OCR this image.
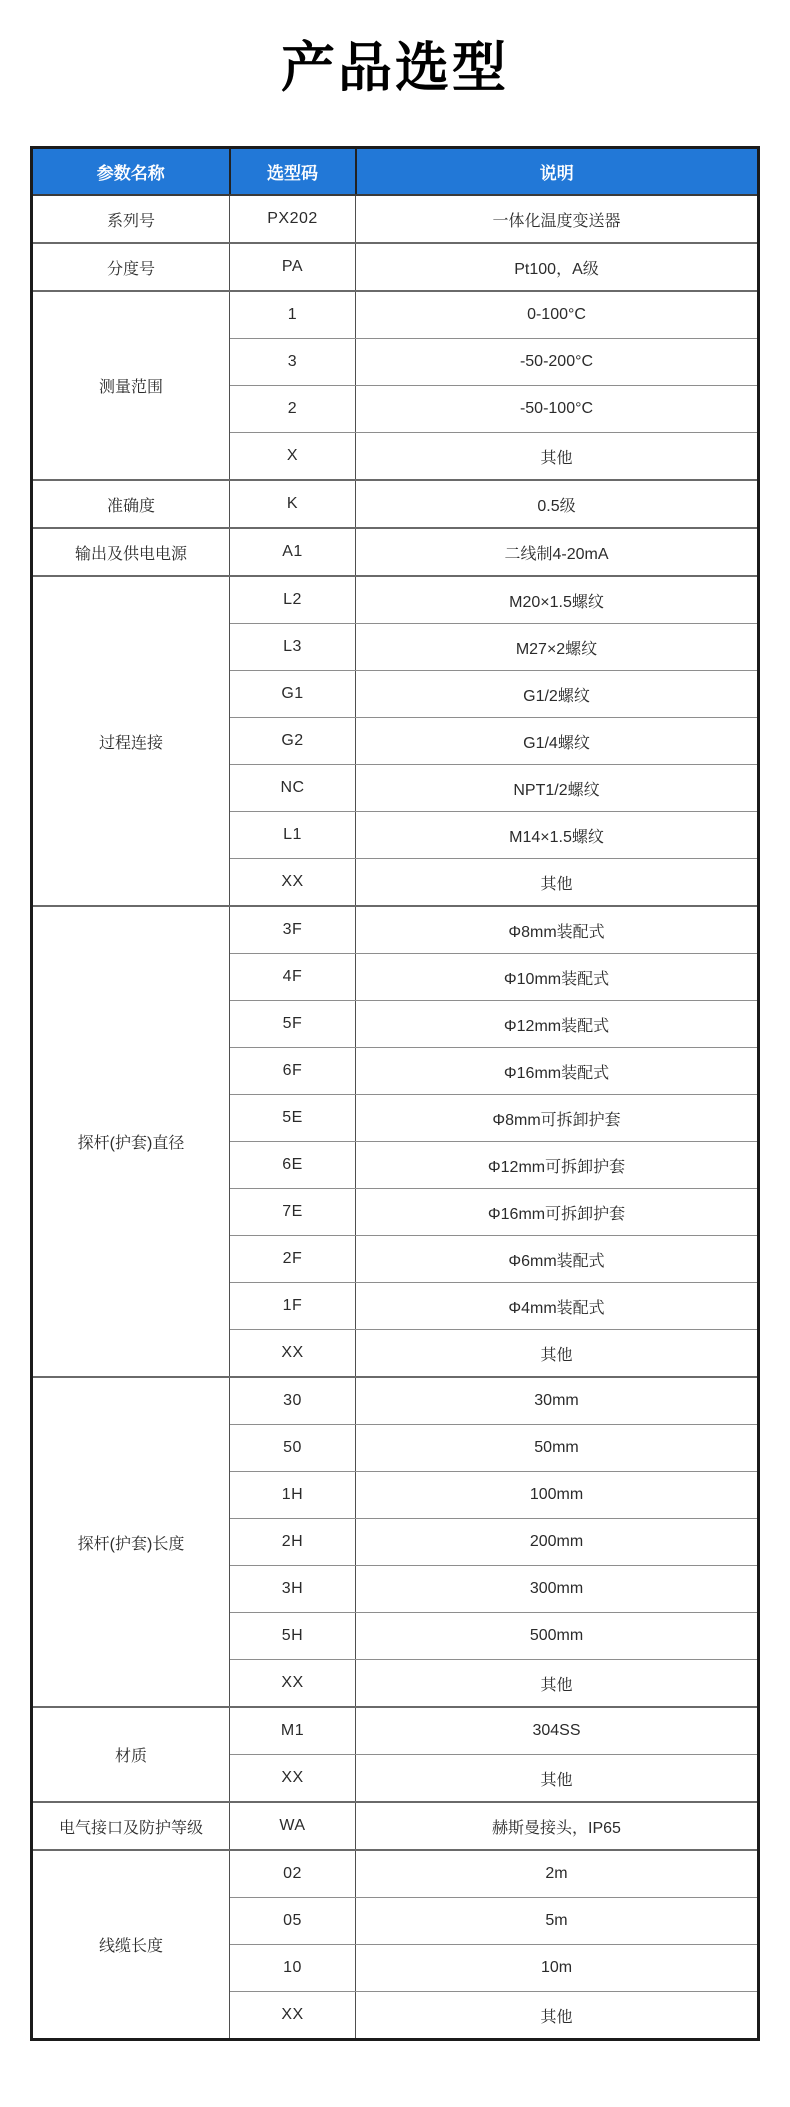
产品选型
参数名称	选型码	说明
系列号	PX202	一体化温度变送器
分度号	PA	Pt100，A级
测量范围	1	0-100°C
	3	-50-200°C
	2	-50-100°C
	X	其他
准确度	K	0.5级
输出及供电电源	A1	二线制4-20mA
过程连接	L2	M20×1.5螺纹
	L3	M27×2螺纹
	G1	G1/2螺纹
	G2	G1/4螺纹
	NC	NPT1/2螺纹
	L1	M14×1.5螺纹
	XX	其他
探杆(护套)直径	3F	Φ8mm装配式
	4F	Φ10mm装配式
	5F	Φ12mm装配式
	6F	Φ16mm装配式
	5E	Φ8mm可拆卸护套
	6E	Φ12mm可拆卸护套
	7E	Φ16mm可拆卸护套
	2F	Φ6mm装配式
	1F	Φ4mm装配式
	XX	其他
探杆(护套)长度	30	30mm
	50	50mm
	1H	100mm
	2H	200mm
	3H	300mm
	5H	500mm
	XX	其他
材质	M1	304SS
	XX	其他
电气接口及防护等级	WA	赫斯曼接头，IP65
线缆长度	02	2m
	05	5m
	10	10m
	XX	其他
